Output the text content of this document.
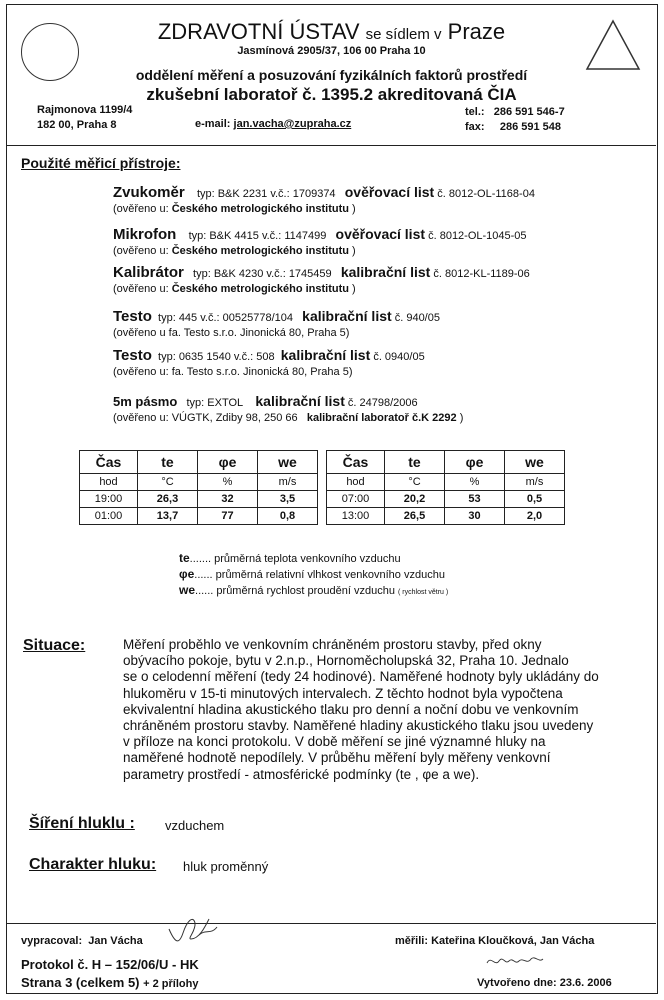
ZDRAVOTNÍ ÚSTAV se sídlem v Praze
Jasmínová 2905/37, 106 00 Praha 10
oddělení měření a posuzování fyzikálních faktorů prostředí
zkušební laboratoř č. 1395.2 akreditovaná ČIA
Rajmonova 1199/4
182 00, Praha 8	e-mail: jan.vacha@zupraha.cz
tel.: 286 591 546-7
fax: 286 591 548
Použité měřicí přístroje:
Zvukoměr typ: B&K 2231 v.č.: 1709374 ověřovací list č. 8012-OL-1168-04
(ověřeno u: Českého metrologického institutu )
Mikrofon typ: B&K 4415 v.č.: 1147499 ověřovací list č. 8012-OL-1045-05
(ověřeno u: Českého metrologického institutu )
Kalibrátor typ: B&K 4230 v.č.: 1745459 kalibrační list č. 8012-KL-1189-06
(ověřeno u: Českého metrologického institutu )
Testo typ: 445 v.č.: 00525778/104 kalibrační list č. 940/05
(ověřeno u fa. Testo s.r.o. Jinonická 80, Praha 5)
Testo typ: 0635 1540 v.č.: 508 kalibrační list č. 0940/05
(ověřeno u: fa. Testo s.r.o. Jinonická 80, Praha 5)
5m pásmo typ: EXTOL kalibrační list č. 24798/2006
(ověřeno u: VÚGTK, Zdiby 98, 250 66 kalibrační laboratoř č.K 2292 )
Čas	te	φe	we		Čas	te	φe	we
hod	°C	%	m/s		hod	°C	%	m/s
19:00	26,3	32	3,5		07:00	20,2	53	0,5
01:00	13,7	77	0,8		13:00	26,5	30	2,0
te....... průměrná teplota venkovního vzduchu
φe...... průměrná relativní vlhkost venkovního vzduchu
we...... průměrná rychlost proudění vzduchu ( rychlost větru )
Situace:	Měření proběhlo ve venkovním chráněném prostoru stavby, před okny
obývacího pokoje, bytu v 2.n.p., Hornoměcholupská 32, Praha 10. Jednalo
se o celodenní měření (tedy 24 hodinové). Naměřené hodnoty byly ukládány do
hlukoměru v 15-ti minutových intervalech. Z těchto hodnot byla vypočtena
ekvivalentní hladina akustického tlaku pro denní a noční dobu ve venkovním
chráněném prostoru stavby. Naměřené hladiny akustického tlaku jsou uvedeny
v příloze na konci protokolu. V době měření se jiné významné hluky na
naměřené hodnotě nepodílely. V průběhu měření byly měřeny venkovní
parametry prostředí - atmosférické podmínky (te , φe a we).
Šíření hluklu : vzduchem
Charakter hluku: hluk proměnný
vypracoval: Jan Vácha	měřili: Kateřina Kloučková, Jan Vácha
Protokol č. H – 152/06/U - HK
Strana 3 (celkem 5) + 2 přílohy	Vytvořeno dne: 23.6. 2006
